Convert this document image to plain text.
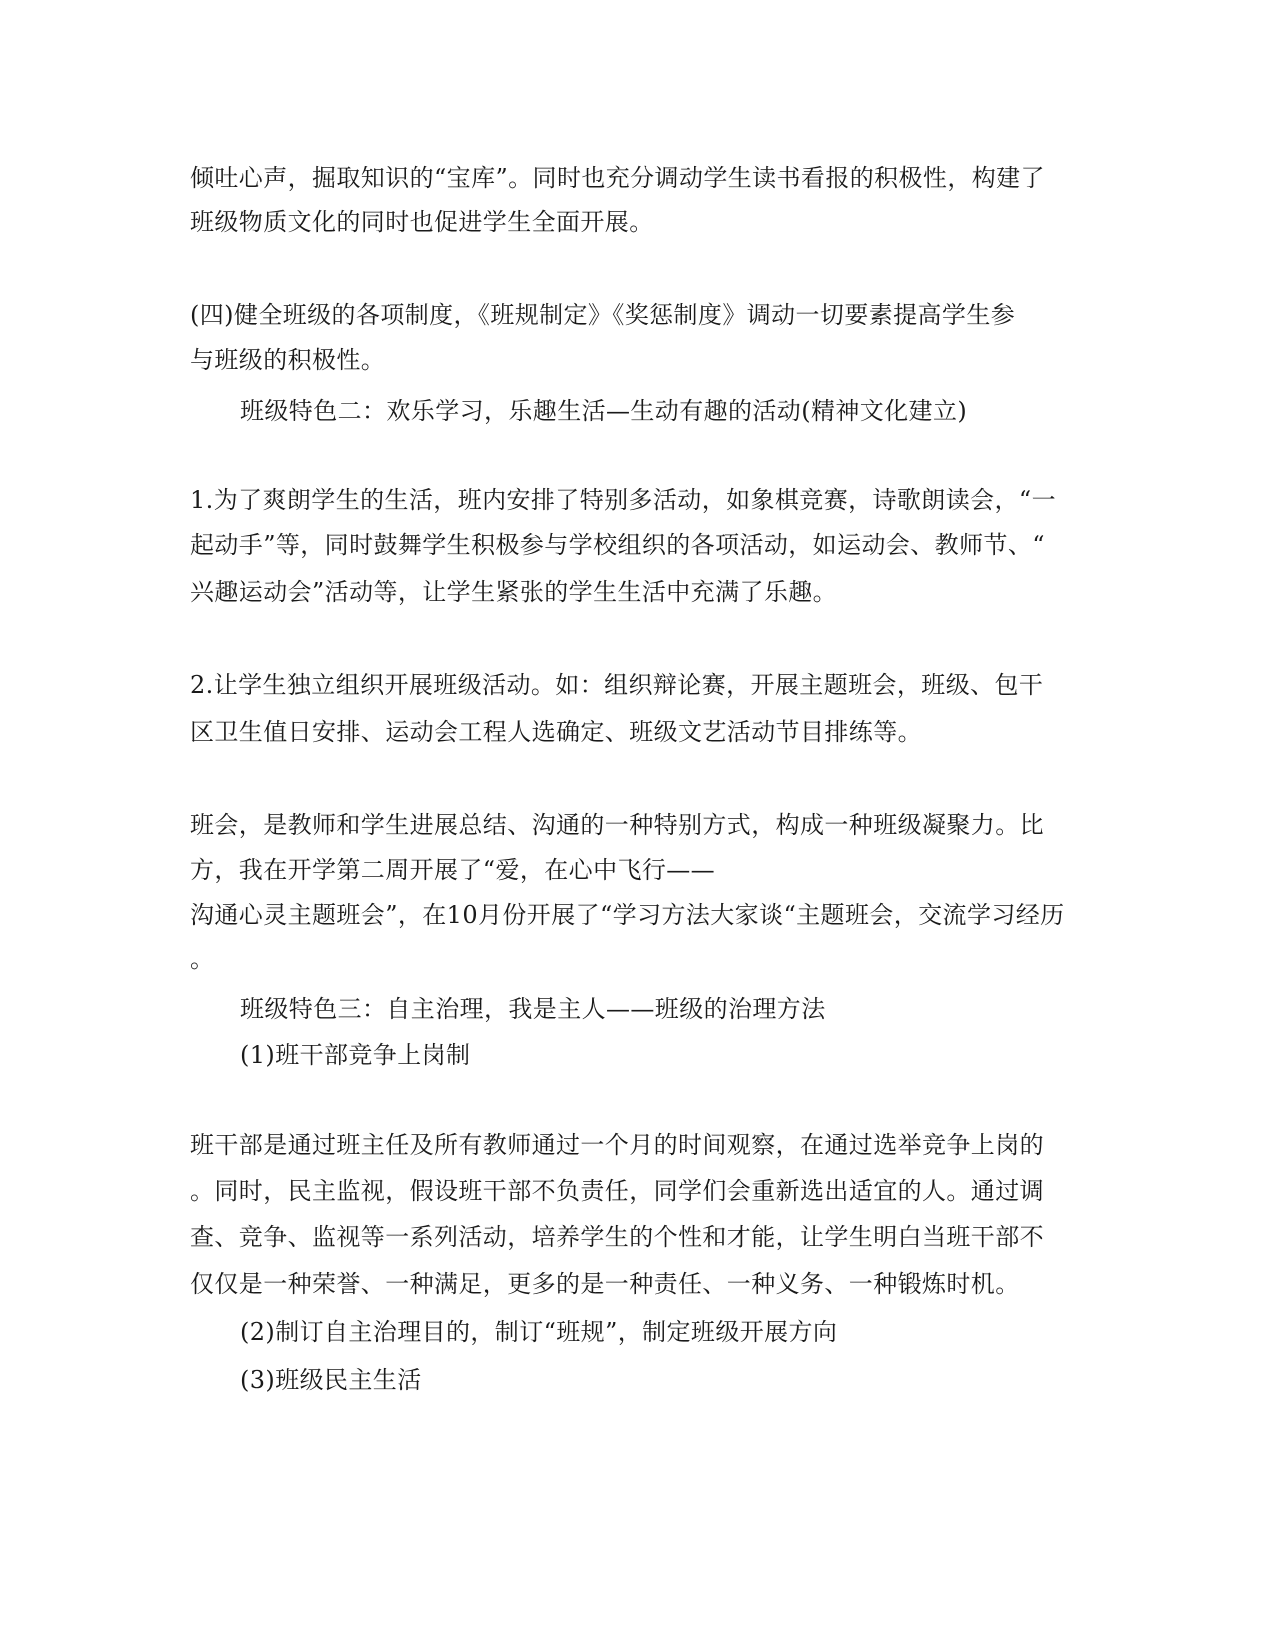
倾吐心声，掘取知识的“宝库”。同时也充分调动学生读书看报的积极性，构建了
班级物质文化的同时也促进学生全面开展。
(四)健全班级的各项制度，《班规制定》《奖惩制度》调动一切要素提高学生参
与班级的积极性。
班级特色二：欢乐学习，乐趣生活—生动有趣的活动(精神文化建立)
1.为了爽朗学生的生活，班内安排了特别多活动，如象棋竞赛，诗歌朗读会，“一
起动手”等，同时鼓舞学生积极参与学校组织的各项活动，如运动会、教师节、“
兴趣运动会”活动等，让学生紧张的学生生活中充满了乐趣。
2.让学生独立组织开展班级活动。如：组织辩论赛，开展主题班会，班级、包干
区卫生值日安排、运动会工程人选确定、班级文艺活动节目排练等。
班会，是教师和学生进展总结、沟通的一种特别方式，构成一种班级凝聚力。比
方，我在开学第二周开展了“爱，在心中飞行——
沟通心灵主题班会”，在10月份开展了“学习方法大家谈“主题班会，交流学习经历
。
班级特色三：自主治理，我是主人——班级的治理方法
(1)班干部竞争上岗制
班干部是通过班主任及所有教师通过一个月的时间观察，在通过选举竞争上岗的
。同时，民主监视，假设班干部不负责任，同学们会重新选出适宜的人。通过调
查、竞争、监视等一系列活动，培养学生的个性和才能，让学生明白当班干部不
仅仅是一种荣誉、一种满足，更多的是一种责任、一种义务、一种锻炼时机。
(2)制订自主治理目的，制订“班规”，制定班级开展方向
(3)班级民主生活
